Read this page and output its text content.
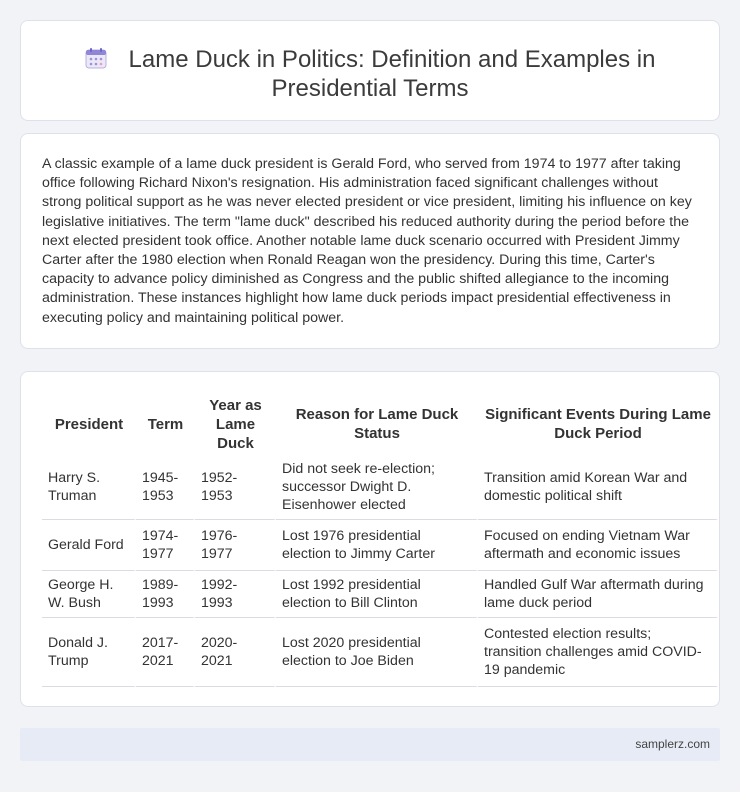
Lame Duck in Politics: Definition and Examples in Presidential Terms

A classic example of a lame duck president is Gerald Ford, who served from 1974 to 1977 after taking office following Richard Nixon's resignation. His administration faced significant challenges without strong political support as he was never elected president or vice president, limiting his influence on key legislative initiatives. The term "lame duck" described his reduced authority during the period before the next elected president took office. Another notable lame duck scenario occurred with President Jimmy Carter after the 1980 election when Ronald Reagan won the presidency. During this time, Carter's capacity to advance policy diminished as Congress and the public shifted allegiance to the incoming administration. These instances highlight how lame duck periods impact presidential effectiveness in executing policy and maintaining political power.

President	Term	Year as Lame Duck	Reason for Lame Duck Status	Significant Events During Lame Duck Period
Harry S. Truman	1945-1953	1952-1953	Did not seek re-election; successor Dwight D. Eisenhower elected	Transition amid Korean War and domestic political shift
Gerald Ford	1974-1977	1976-1977	Lost 1976 presidential election to Jimmy Carter	Focused on ending Vietnam War aftermath and economic issues
George H. W. Bush	1989-1993	1992-1993	Lost 1992 presidential election to Bill Clinton	Handled Gulf War aftermath during lame duck period
Donald J. Trump	2017-2021	2020-2021	Lost 2020 presidential election to Joe Biden	Contested election results; transition challenges amid COVID-19 pandemic
samplerz.com
